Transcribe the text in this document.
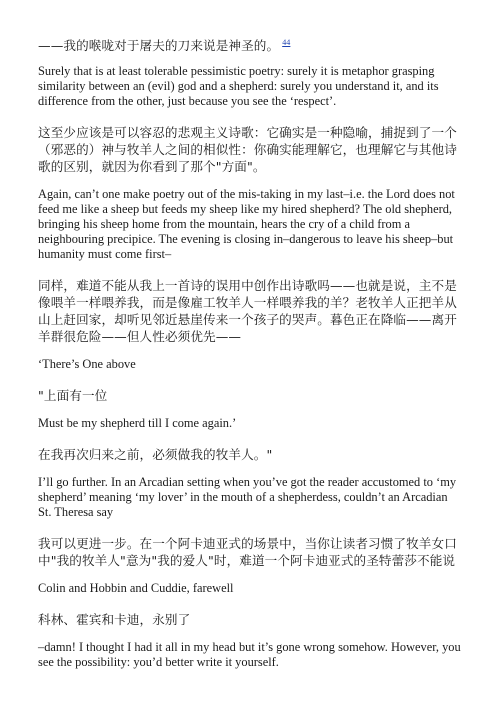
——我的喉咙对于屠夫的刀来说是神圣的。 $^{44}$

Surely that is at least tolerable pessimistic poetry: surely it is metaphor grasping similarity between an (evil) god and a shepherd: surely you understand it, and its difference from the other, just because you see the ‘respect’.

这至少应该是可以容忍的悲观主义诗歌：它确实是一种隐喻，捕捉到了一个（邪恶的）神与牧羊人之间的相似性：你确实能理解它，也理解它与其他诗歌的区别，就因为你看到了那个"方面"。

Again, can’t one make poetry out of the mis-taking in my last–i.e. the Lord does not feed me like a sheep but feeds my sheep like my hired shepherd? The old shepherd, bringing his sheep home from the mountain, hears the cry of a child from a neighbouring precipice. The evening is closing in–dangerous to leave his sheep–but humanity must come first–

同样，难道不能从我上一首诗的误用中创作出诗歌吗——也就是说，主不是像喂羊一样喂养我，而是像雇工牧羊人一样喂养我的羊？老牧羊人正把羊从山上赶回家，却听见邻近悬崖传来一个孩子的哭声。暮色正在降临——离开羊群很危险——但人性必须优先——

‘There’s One above

"上面有一位

Must be my shepherd till I come again.’

在我再次归来之前，必须做我的牧羊人。"

I’ll go further. In an Arcadian setting when you’ve got the reader accustomed to ‘my shepherd’ meaning ‘my lover’ in the mouth of a shepherdess, couldn’t an Arcadian St. Theresa say

我可以更进一步。在一个阿卡迪亚式的场景中，当你让读者习惯了牧羊女口中"我的牧羊人"意为"我的爱人"时，难道一个阿卡迪亚式的圣特蕾莎不能说

Colin and Hobbin and Cuddie, farewell

科林、霍宾和卡迪，永别了

–damn! I thought I had it all in my head but it’s gone wrong somehow. However, you see the possibility: you’d better write it yourself.
